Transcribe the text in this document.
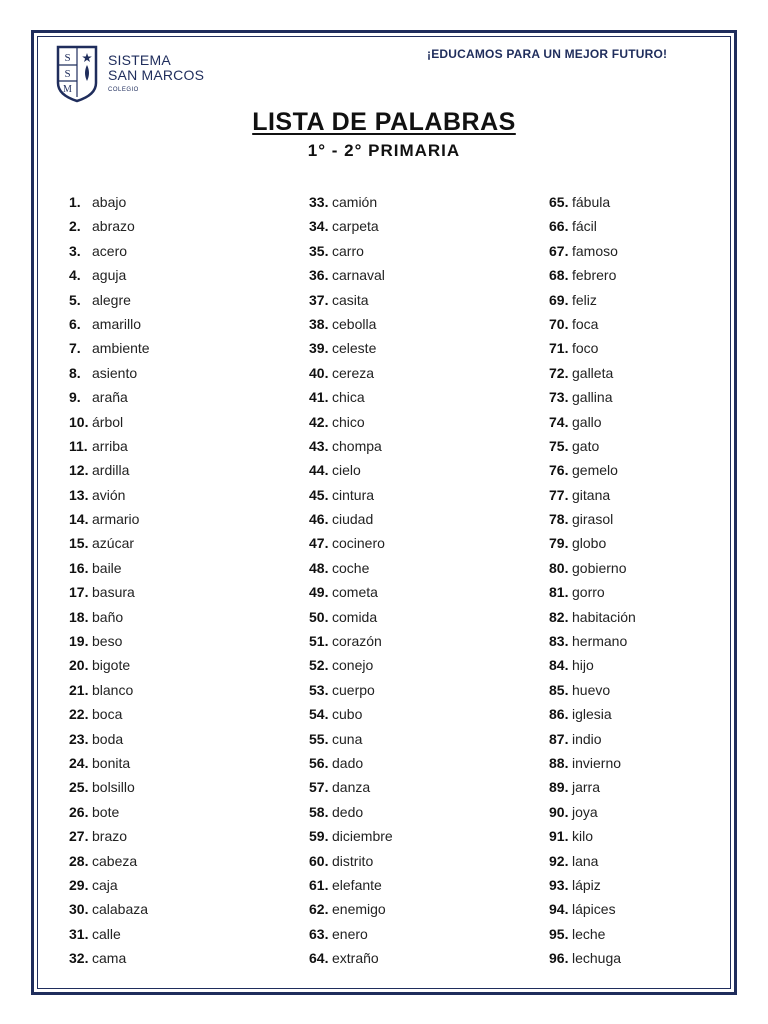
S
S
M
SISTEMA
SAN MARCOS
COLEGIO
¡EDUCAMOS PARA UN MEJOR FUTURO!
LISTA DE PALABRAS
1° - 2° PRIMARIA
1. abajo
2. abrazo
3. acero
4. aguja
5. alegre
6. amarillo
7. ambiente
8. asiento
9. araña
10. árbol
11. arriba
12. ardilla
13. avión
14. armario
15. azúcar
16. baile
17. basura
18. baño
19. beso
20. bigote
21. blanco
22. boca
23. boda
24. bonita
25. bolsillo
26. bote
27. brazo
28. cabeza
29. caja
30. calabaza
31. calle
32. cama
33. camión
34. carpeta
35. carro
36. carnaval
37. casita
38. cebolla
39. celeste
40. cereza
41. chica
42. chico
43. chompa
44. cielo
45. cintura
46. ciudad
47. cocinero
48. coche
49. cometa
50. comida
51. corazón
52. conejo
53. cuerpo
54. cubo
55. cuna
56. dado
57. danza
58. dedo
59. diciembre
60. distrito
61. elefante
62. enemigo
63. enero
64. extraño
65. fábula
66. fácil
67. famoso
68. febrero
69. feliz
70. foca
71. foco
72. galleta
73. gallina
74. gallo
75. gato
76. gemelo
77. gitana
78. girasol
79. globo
80. gobierno
81. gorro
82. habitación
83. hermano
84. hijo
85. huevo
86. iglesia
87. indio
88. invierno
89. jarra
90. joya
91. kilo
92. lana
93. lápiz
94. lápices
95. leche
96. lechuga
